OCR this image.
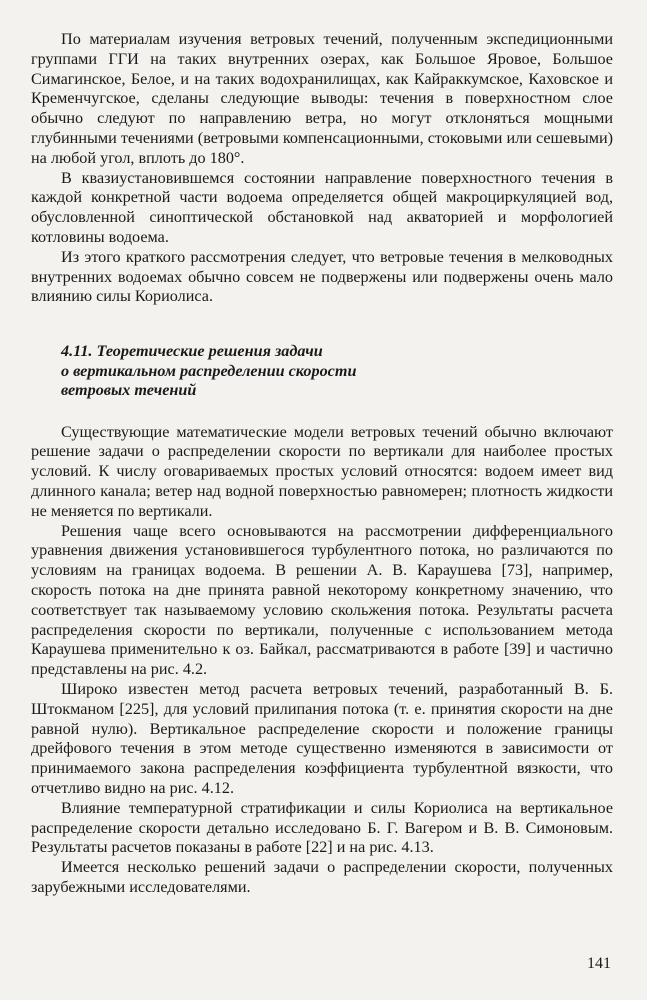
По материалам изучения ветровых течений, полученным экспедиционными группами ГГИ на таких внутренних озерах, как Большое Яровое, Большое Симагинское, Белое, и на таких водохранилищах, как Кайраккумское, Каховское и Кременчугское, сделаны следующие выводы: течения в поверхностном слое обычно следуют по направлению ветра, но могут отклоняться мощными глубинными течениями (ветровыми компенсационными, стоковыми или сешевыми) на любой угол, вплоть до 180°.

В квазиустановившемся состоянии направление поверхностного течения в каждой конкретной части водоема определяется общей макроциркуляцией вод, обусловленной синоптической обстановкой над акваторией и морфологией котловины водоема.

Из этого краткого рассмотрения следует, что ветровые течения в мелководных внутренних водоемах обычно совсем не подвержены или подвержены очень мало влиянию силы Кориолиса.

4.11. Теоретические решения задачи
о вертикальном распределении скорости
ветровых течений

Существующие математические модели ветровых течений обычно включают решение задачи о распределении скорости по вертикали для наиболее простых условий. К числу оговариваемых простых условий относятся: водоем имеет вид длинного канала; ветер над водной поверхностью равномерен; плотность жидкости не меняется по вертикали.

Решения чаще всего основываются на рассмотрении дифференциального уравнения движения установившегося турбулентного потока, но различаются по условиям на границах водоема. В решении А. В. Караушева [73], например, скорость потока на дне принята равной некоторому конкретному значению, что соответствует так называемому условию скольжения потока. Результаты расчета распределения скорости по вертикали, полученные с использованием метода Караушева применительно к оз. Байкал, рассматриваются в работе [39] и частично представлены на рис. 4.2.

Широко известен метод расчета ветровых течений, разработанный В. Б. Штокманом [225], для условий прилипания потока (т. е. принятия скорости на дне равной нулю). Вертикальное распределение скорости и положение границы дрейфового течения в этом методе существенно изменяются в зависимости от принимаемого закона распределения коэффициента турбулентной вязкости, что отчетливо видно на рис. 4.12.

Влияние температурной стратификации и силы Кориолиса на вертикальное распределение скорости детально исследовано Б. Г. Вагером и В. В. Симоновым. Результаты расчетов показаны в работе [22] и на рис. 4.13.

Имеется несколько решений задачи о распределении скорости, полученных зарубежными исследователями.

141
